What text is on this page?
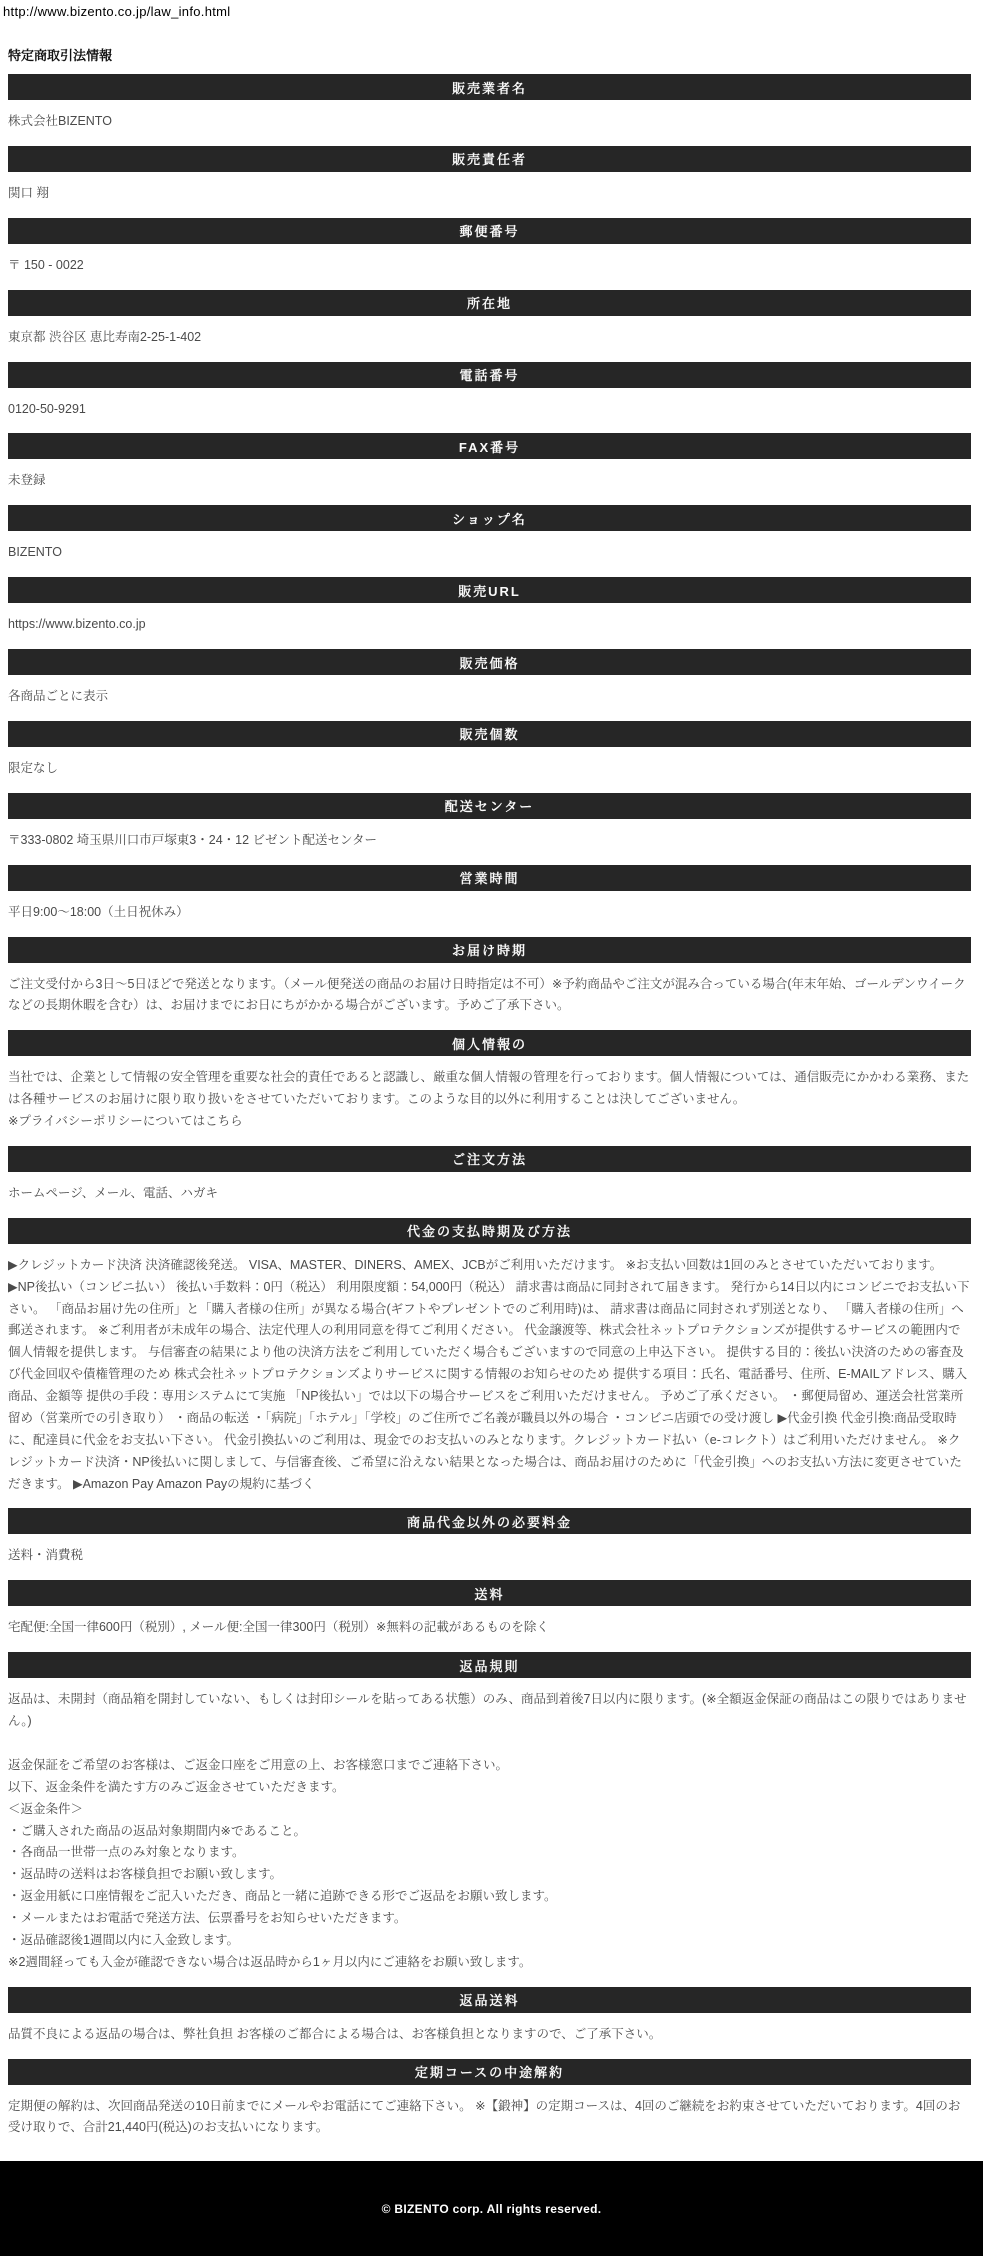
http://www.bizento.co.jp/law_info.html
特定商取引法情報
販売業者名
株式会社BIZENTO
販売責任者
関口 翔
郵便番号
〒 150 - 0022
所在地
東京都 渋谷区 恵比寿南2-25-1-402
電話番号
0120-50-9291
FAX番号
未登録
ショップ名
BIZENTO
販売URL
https://www.bizento.co.jp
販売価格
各商品ごとに表示
販売個数
限定なし
配送センター
〒333-0802 埼玉県川口市戸塚東3・24・12 ビゼント配送センター
営業時間
平日9:00～18:00（土日祝休み）
お届け時期
ご注文受付から3日～5日ほどで発送となります。（メール便発送の商品のお届け日時指定は不可）※予約商品やご注文が混み合っている場合(年末年始、ゴールデンウイークなどの長期休暇を含む）は、お届けまでにお日にちがかかる場合がございます。予めご了承下さい。
個人情報の
当社では、企業として情報の安全管理を重要な社会的責任であると認識し、厳重な個人情報の管理を行っております。個人情報については、通信販売にかかわる業務、または各種サービスのお届けに限り取り扱いをさせていただいております。このような目的以外に利用することは決してございません。
※プライバシーポリシーについてはこちら
ご注文方法
ホームページ、メール、電話、ハガキ
代金の支払時期及び方法
▶クレジットカード決済 決済確認後発送。 VISA、MASTER、DINERS、AMEX、JCBがご利用いただけます。 ※お支払い回数は1回のみとさせていただいております。 ▶NP後払い（コンビニ払い） 後払い手数料：0円（税込） 利用限度額：54,000円（税込） 請求書は商品に同封されて届きます。 発行から14日以内にコンビニでお支払い下さい。 「商品お届け先の住所」と「購入者様の住所」が異なる場合(ギフトやプレゼントでのご利用時)は、 請求書は商品に同封されず別送となり、 「購入者様の住所」へ郵送されます。 ※ご利用者が未成年の場合、法定代理人の利用同意を得てご利用ください。 代金譲渡等、株式会社ネットプロテクションズが提供するサービスの範囲内で個人情報を提供します。 与信審査の結果により他の決済方法をご利用していただく場合もございますので同意の上申込下さい。 提供する目的：後払い決済のための審査及び代金回収や債権管理のため 株式会社ネットプロテクションズよりサービスに関する情報のお知らせのため 提供する項目：氏名、電話番号、住所、E-MAILアドレス、購入商品、金額等 提供の手段：専用システムにて実施 「NP後払い」では以下の場合サービスをご利用いただけません。 予めご了承ください。 ・郵便局留め、運送会社営業所留め（営業所での引き取り） ・商品の転送 ・「病院」「ホテル」「学校」のご住所でご名義が職員以外の場合 ・コンビニ店頭での受け渡し ▶代金引換 代金引換:商品受取時に、配達員に代金をお支払い下さい。 代金引換払いのご利用は、現金でのお支払いのみとなります。クレジットカード払い（e-コレクト）はご利用いただけません。 ※クレジットカード決済・NP後払いに関しまして、与信審査後、ご希望に沿えない結果となった場合は、商品お届けのために「代金引換」へのお支払い方法に変更させていただきます。 ▶Amazon Pay Amazon Payの規約に基づく
商品代金以外の必要料金
送料・消費税
送料
宅配便:全国一律600円（税別）, メール便:全国一律300円（税別）※無料の記載があるものを除く
返品規則
返品は、未開封（商品箱を開封していない、もしくは封印シールを貼ってある状態）のみ、商品到着後7日以内に限ります。(※全額返金保証の商品はこの限りではありません。)
返金保証をご希望のお客様は、ご返金口座をご用意の上、お客様窓口までご連絡下さい。
以下、返金条件を満たす方のみご返金させていただきます。
＜返金条件＞
・ご購入された商品の返品対象期間内※であること。
・各商品一世帯一点のみ対象となります。
・返品時の送料はお客様負担でお願い致します。
・返金用紙に口座情報をご記入いただき、商品と一緒に追跡できる形でご返品をお願い致します。
・メールまたはお電話で発送方法、伝票番号をお知らせいただきます。
・返品確認後1週間以内に入金致します。
※2週間経っても入金が確認できない場合は返品時から1ヶ月以内にご連絡をお願い致します。
返品送料
品質不良による返品の場合は、弊社負担 お客様のご都合による場合は、お客様負担となりますので、ご了承下さい。
定期コースの中途解約
定期便の解約は、次回商品発送の10日前までにメールやお電話にてご連絡下さい。 ※【鍛神】の定期コースは、4回のご継続をお約束させていただいております。4回のお受け取りで、合計21,440円(税込)のお支払いになります。
© BIZENTO corp. All rights reserved.
